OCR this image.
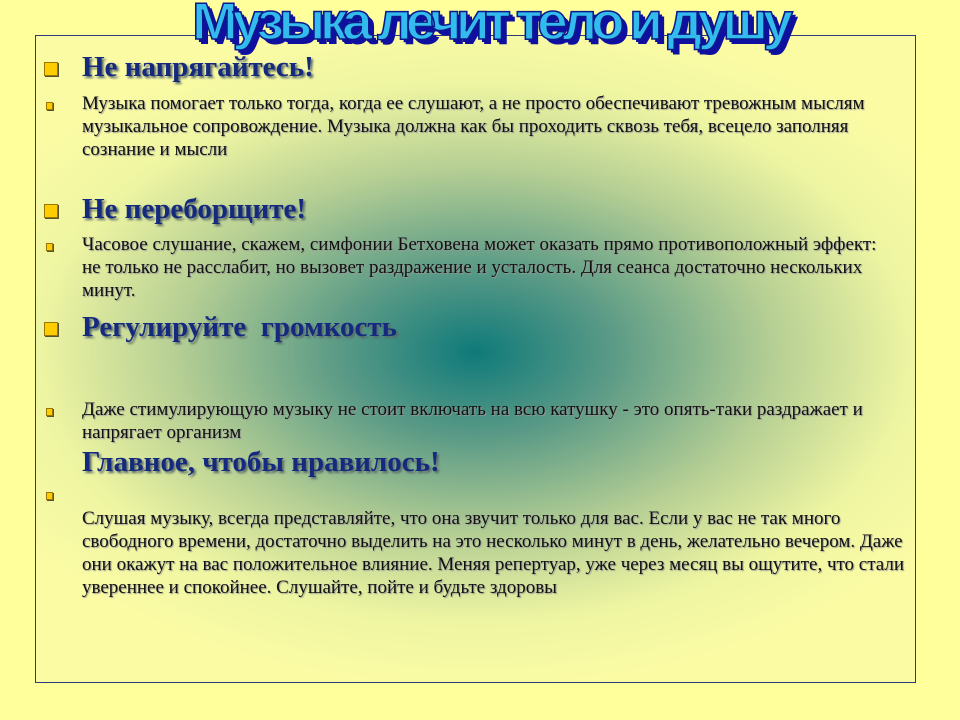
Музыка лечит тело и душу
Не напрягайтесь!
Музыка помогает только тогда, когда ее слушают, а не просто обеспечивают тревожным мыслям музыкальное сопровождение. Музыка должна как бы проходить сквозь тебя, всецело заполняя сознание и мысли
Не переборщите!
Часовое слушание, скажем, симфонии Бетховена может оказать прямо противоположный эффект: не только не расслабит, но вызовет раздражение и усталость. Для сеанса достаточно нескольких минут.
Регулируйте  громкость
Даже стимулирующую музыку не стоит включать на всю катушку - это опять-таки раздражает и напрягает организм
Главное, чтобы нравилось!
Слушая музыку, всегда представляйте, что она звучит только для вас. Если у вас не так много свободного времени, достаточно выделить на это несколько минут в день, желательно вечером. Даже они окажут на вас положительное влияние. Меняя репертуар, уже через месяц вы ощутите, что стали увереннее и спокойнее. Слушайте, пойте и будьте здоровы
